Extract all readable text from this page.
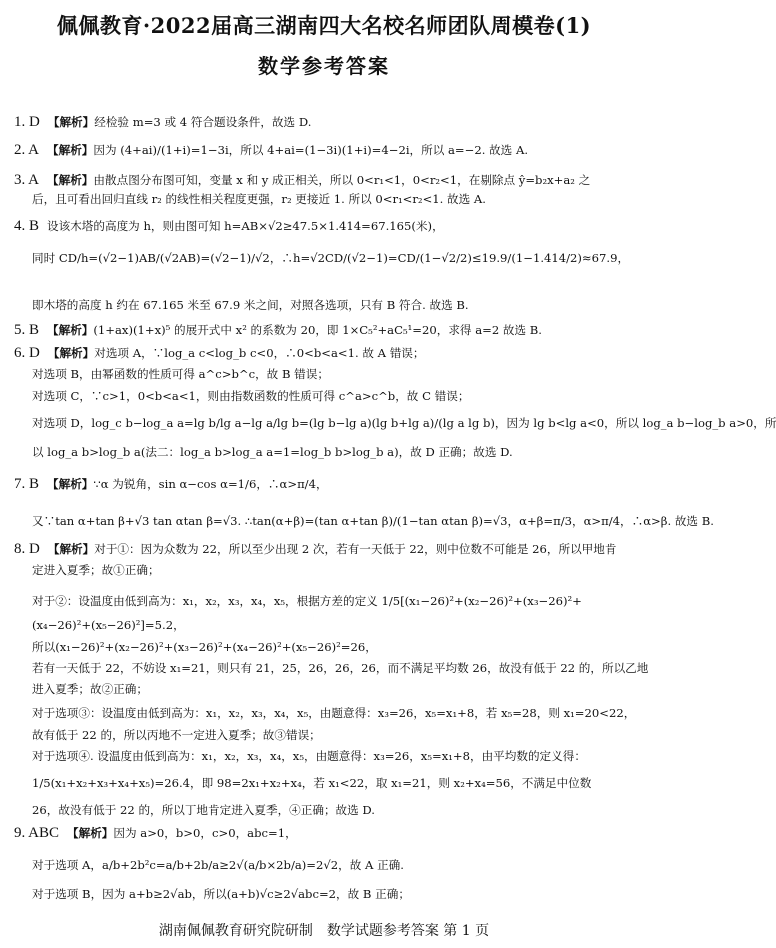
佩佩教育·2022届高三湖南四大名校名师团队周模卷(1)
数学参考答案
1. D 【解析】经检验 m=3 或 4 符合题设条件，故选 D.
2. A 【解析】因为 (4+ai)/(1+i)=1−3i，所以 4+ai=(1−3i)(1+i)=4−2i，所以 a=−2. 故选 A.
3. A 【解析】由散点图分布图可知，变量 x 和 y 成正相关，所以 0<r₁<1，0<r₂<1，在剔除点 ŷ=b₂x+a₂ 之
后，且可看出回归直线 r₂ 的线性相关程度更强，r₂ 更接近 1. 所以 0<r₁<r₂<1. 故选 A.
4. B 设该木塔的高度为 h，则由图可知 h=AB×√2≥47.5×1.414=67.165(米)，
同时 CD/h=(√2−1)AB/(√2AB)=(√2−1)/√2，∴h=√2CD/(√2−1)=CD/(1−√2/2)≤19.9/(1−1.414/2)≈67.9，
即木塔的高度 h 约在 67.165 米至 67.9 米之间，对照各选项，只有 B 符合. 故选 B.
5. B 【解析】(1+ax)(1+x)⁵ 的展开式中 x² 的系数为 20，即 1×C₅²+aC₅¹=20，求得 a=2 故选 B.
6. D 【解析】对选项 A，∵log_a c<log_b c<0，∴0<b<a<1. 故 A 错误；
对选项 B，由幂函数的性质可得 a^c>b^c，故 B 错误；
对选项 C，∵c>1，0<b<a<1，则由指数函数的性质可得 c^a>c^b，故 C 错误；
对选项 D，log_c b−log_a a=lg b/lg a−lg a/lg b=(lg b−lg a)(lg b+lg a)/(lg a lg b)，因为 lg b<lg a<0，所以 log_a b−log_b a>0，所
以 log_a b>log_b a(法二：log_a b>log_a a=1=log_b b>log_b a)，故 D 正确；故选 D.
7. B 【解析】∵α 为锐角，sin α−cos α=1/6，∴α>π/4，
又∵tan α+tan β+√3 tan αtan β=√3. ∴tan(α+β)=(tan α+tan β)/(1−tan αtan β)=√3，α+β=π/3，α>π/4，∴α>β. 故选 B.
8. D 【解析】对于①：因为众数为 22，所以至少出现 2 次，若有一天低于 22，则中位数不可能是 26，所以甲地肯
定进入夏季；故①正确；
对于②：设温度由低到高为：x₁，x₂，x₃，x₄，x₅，根据方差的定义 1/5[(x₁−26)²+(x₂−26)²+(x₃−26)²+
(x₄−26)²+(x₅−26)²]=5.2，
所以(x₁−26)²+(x₂−26)²+(x₃−26)²+(x₄−26)²+(x₅−26)²=26，
若有一天低于 22，不妨设 x₁=21，则只有 21，25，26，26，26，而不满足平均数 26，故没有低于 22 的，所以乙地
进入夏季；故②正确；
对于选项③：设温度由低到高为：x₁，x₂，x₃，x₄，x₅，由题意得：x₃=26，x₅=x₁+8，若 x₅=28，则 x₁=20<22，
故有低于 22 的，所以丙地不一定进入夏季；故③错误；
对于选项④. 设温度由低到高为：x₁，x₂，x₃，x₄，x₅，由题意得：x₃=26，x₅=x₁+8，由平均数的定义得：
1/5(x₁+x₂+x₃+x₄+x₅)=26.4，即 98=2x₁+x₂+x₄，若 x₁<22，取 x₁=21，则 x₂+x₄=56，不满足中位数
26，故没有低于 22 的，所以丁地肯定进入夏季，④正确；故选 D.
9. ABC 【解析】因为 a>0，b>0，c>0，abc=1，
对于选项 A，a/b+2b²c=a/b+2b/a≥2√(a/b×2b/a)=2√2，故 A 正确.
对于选项 B，因为 a+b≥2√ab，所以(a+b)√c≥2√abc=2，故 B 正确；
湖南佩佩教育研究院研制　数学试题参考答案 第 1 页
